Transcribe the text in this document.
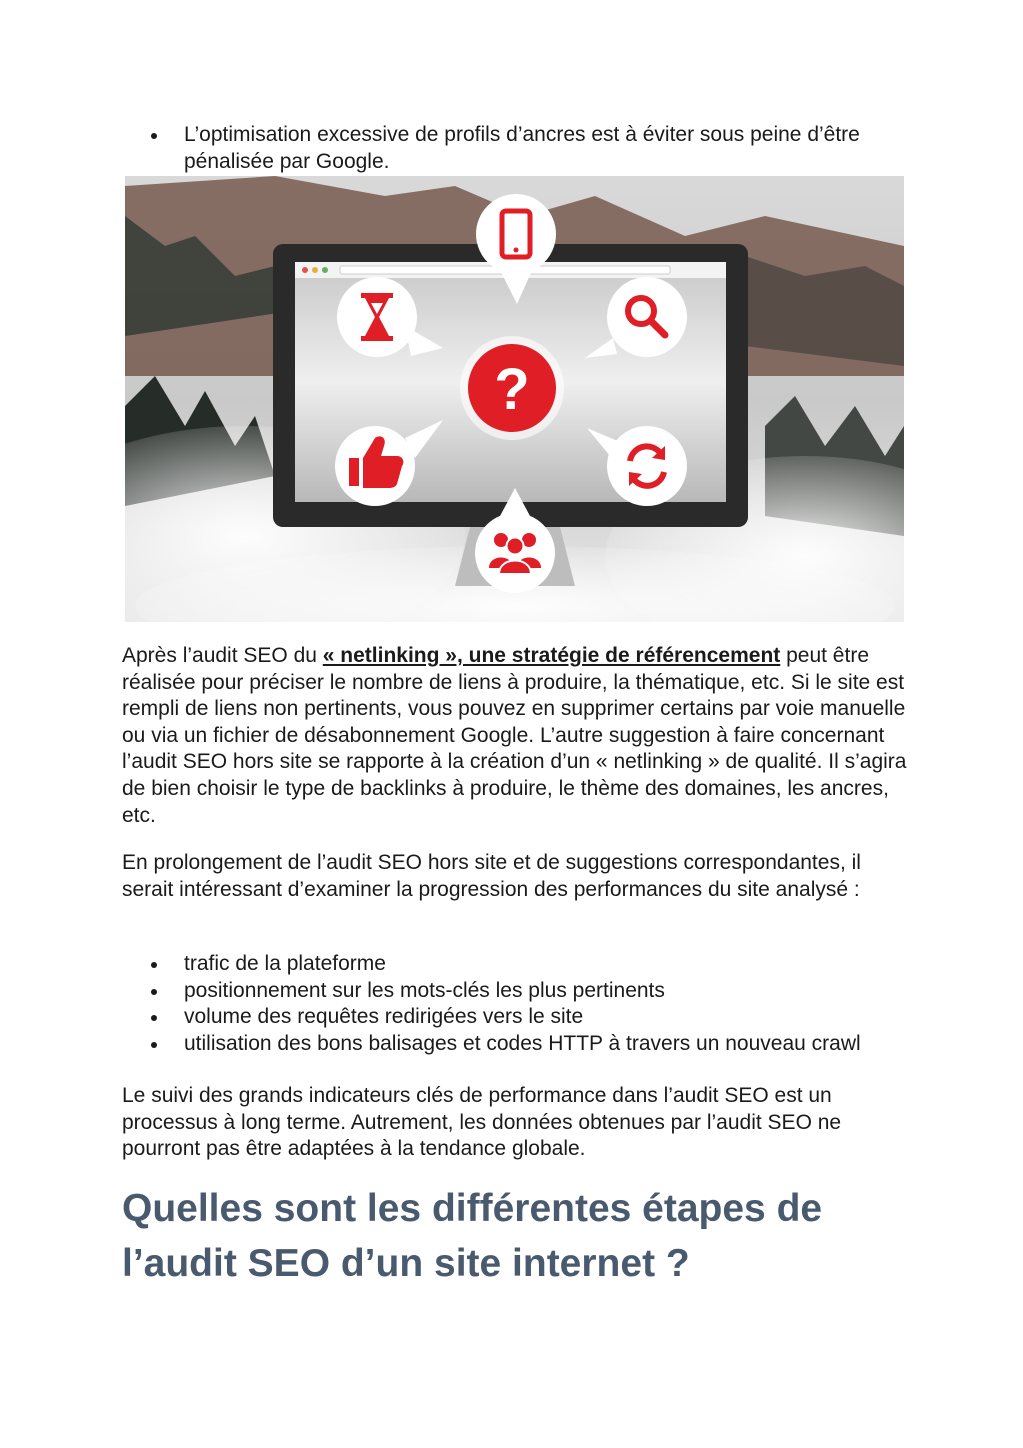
L’optimisation excessive de profils d’ancres est à éviter sous peine d’être pénalisée par Google.
?

Après l’audit SEO du « netlinking », une stratégie de référencement peut être réalisée pour préciser le nombre de liens à produire, la thématique, etc. Si le site est rempli de liens non pertinents, vous pouvez en supprimer certains par voie manuelle ou via un fichier de désabonnement Google. L’autre suggestion à faire concernant l’audit SEO hors site se rapporte à la création d’un « netlinking » de qualité. Il s’agira de bien choisir le type de backlinks à produire, le thème des domaines, les ancres, etc.

En prolongement de l’audit SEO hors site et de suggestions correspondantes, il serait intéressant d’examiner la progression des performances du site analysé :

trafic de la plateforme
positionnement sur les mots-clés les plus pertinents
volume des requêtes redirigées vers le site
utilisation des bons balisages et codes HTTP à travers un nouveau crawl

Le suivi des grands indicateurs clés de performance dans l’audit SEO est un processus à long terme. Autrement, les données obtenues par l’audit SEO ne pourront pas être adaptées à la tendance globale.

Quelles sont les différentes étapes de l’audit SEO d’un site internet ?
